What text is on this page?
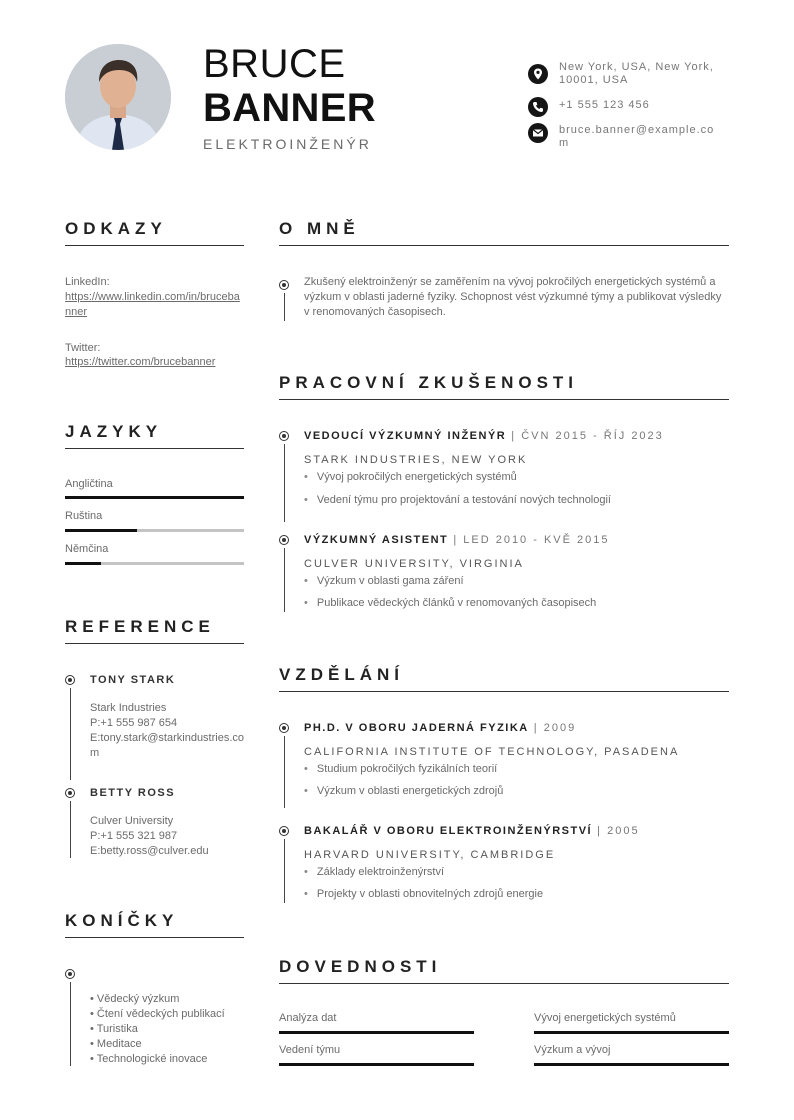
BRUCE
BANNER
ELEKTROINŽENÝR
New York, USA, New York, 10001, USA
+1 555 123 456
bruce.banner@example.com
ODKAZY
LinkedIn:
https://www.linkedin.com/in/brucebanner
Twitter:
https://twitter.com/brucebanner
JAZYKY
Angličtina
Ruština
Němčina
REFERENCE
TONY STARK
Stark Industries
P:+1 555 987 654
E:tony.stark@starkindustries.com
BETTY ROSS
Culver University
P:+1 555 321 987
E:betty.ross@culver.edu
KONÍČKY
• Vědecký výzkum
• Čtení vědeckých publikací
• Turistika
• Meditace
• Technologické inovace
O MNĚ
Zkušený elektroinženýr se zaměřením na vývoj pokročilých energetických systémů a výzkum v oblasti jaderné fyziky. Schopnost vést výzkumné týmy a publikovat výsledky v renomovaných časopisech.
PRACOVNÍ ZKUŠENOSTI
VEDOUCÍ VÝZKUMNÝ INŽENÝR | ČVN 2015 - ŘÍJ 2023
STARK INDUSTRIES, NEW YORK
• Vývoj pokročilých energetických systémů
• Vedení týmu pro projektování a testování nových technologií
VÝZKUMNÝ ASISTENT | LED 2010 - KVĚ 2015
CULVER UNIVERSITY, VIRGINIA
• Výzkum v oblasti gama záření
• Publikace vědeckých článků v renomovaných časopisech
VZDĚLÁNÍ
PH.D. V OBORU JADERNÁ FYZIKA | 2009
CALIFORNIA INSTITUTE OF TECHNOLOGY, PASADENA
• Studium pokročilých fyzikálních teorií
• Výzkum v oblasti energetických zdrojů
BAKALÁŘ V OBORU ELEKTROINŽENÝRSTVÍ | 2005
HARVARD UNIVERSITY, CAMBRIDGE
• Základy elektroinženýrství
• Projekty v oblasti obnovitelných zdrojů energie
DOVEDNOSTI
Analýza dat	Vývoj energetických systémů
Vedení týmu	Výzkum a vývoj
